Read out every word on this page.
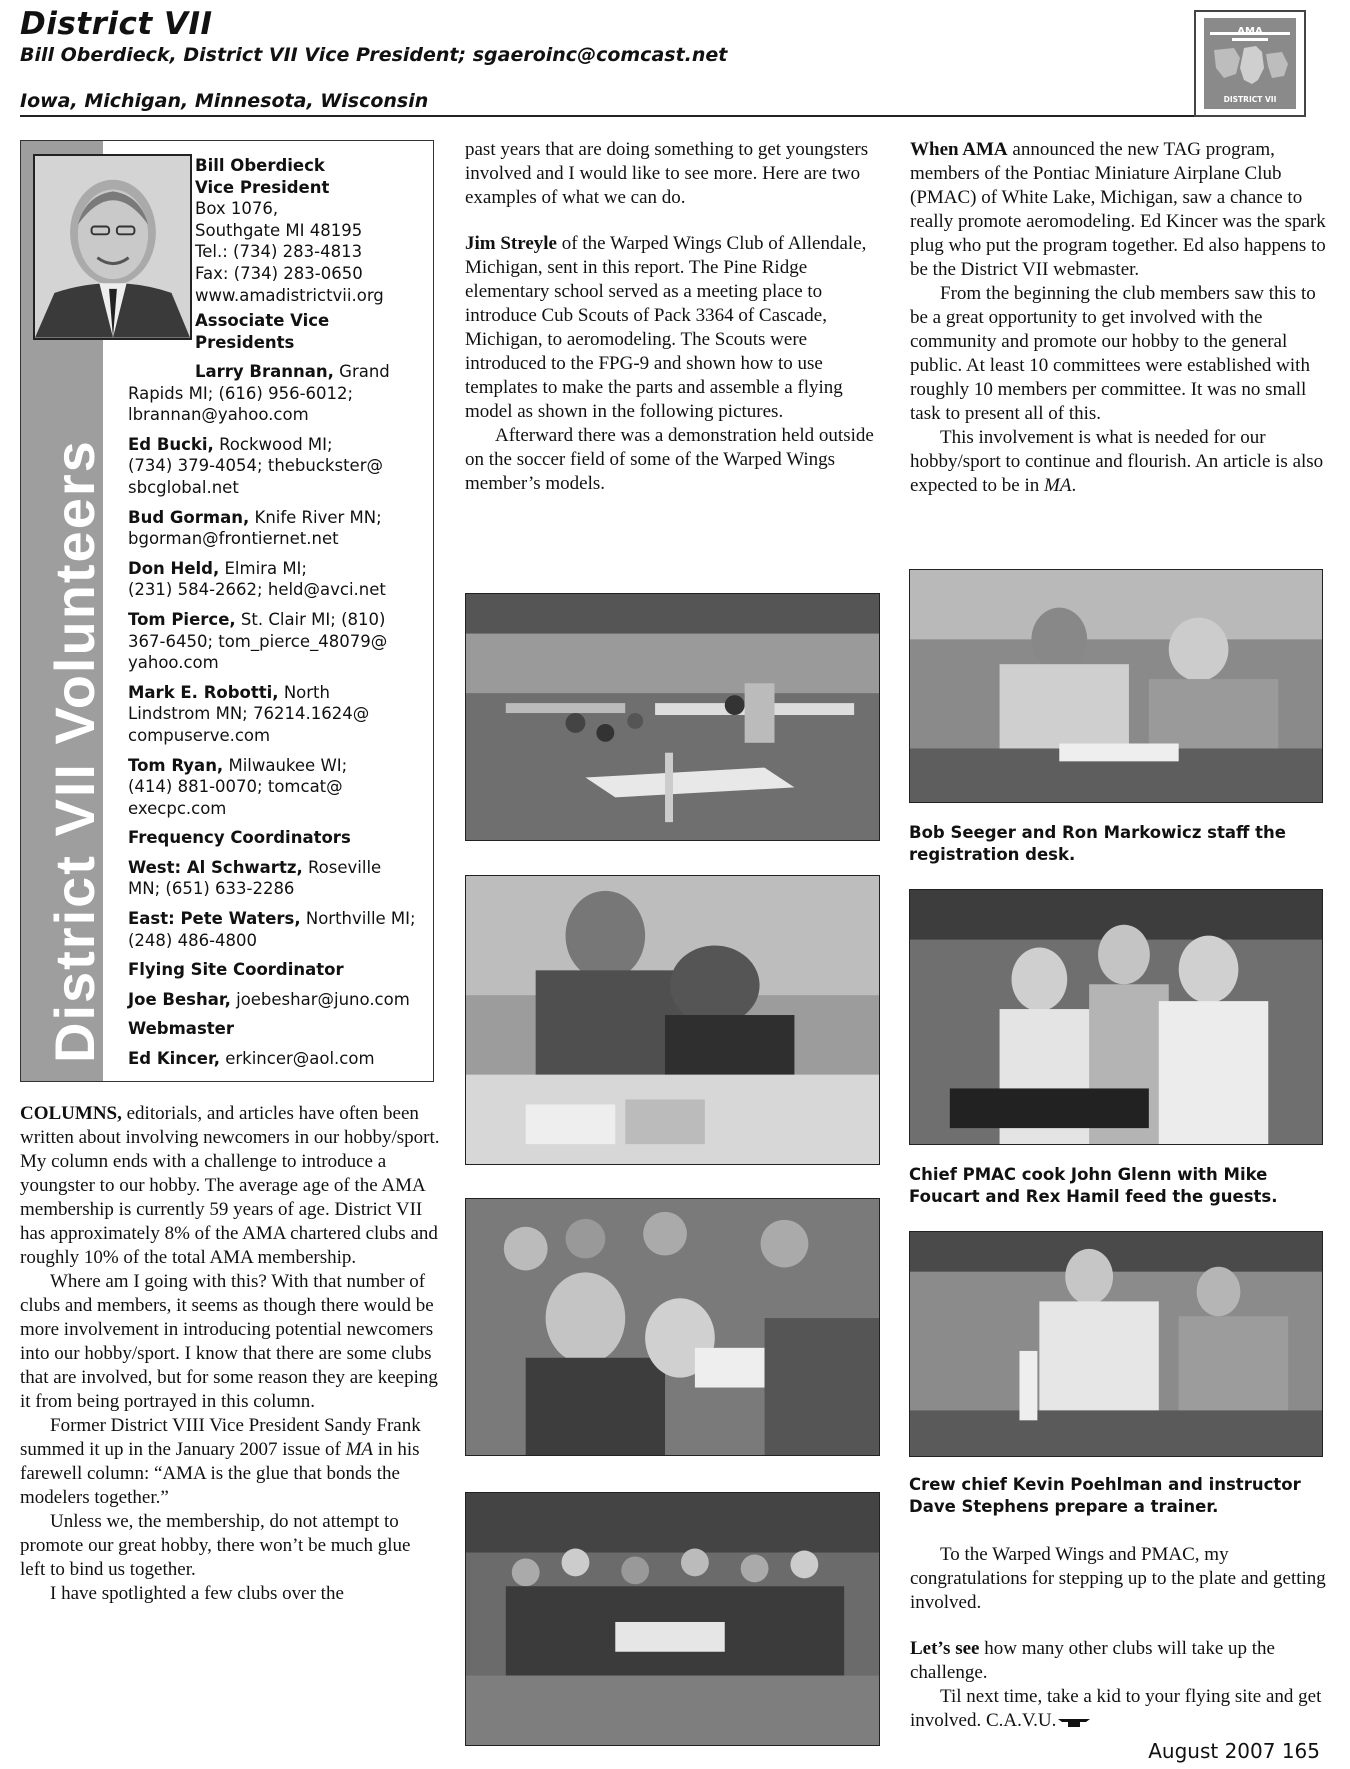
District VII
Bill Oberdieck, District VII Vice President; sgaeroinc@comcast.net
Iowa, Michigan, Minnesota, Wisconsin
AMA
DISTRICT VII
District VII Volunteers
Bill Oberdieck
Vice President
Box 1076,
Southgate MI 48195
Tel.: (734) 283-4813
Fax: (734) 283-0650
www.amadistrictvii.org
Associate Vice Presidents
Larry Brannan, Grand
Rapids MI; (616) 956-6012;
lbrannan@yahoo.com
Ed Bucki, Rockwood MI;
(734) 379-4054; thebuckster@
sbcglobal.net
Bud Gorman, Knife River MN;
bgorman@frontiernet.net
Don Held, Elmira MI;
(231) 584-2662; held@avci.net
Tom Pierce, St. Clair MI; (810)
367-6450; tom_pierce_48079@
yahoo.com
Mark E. Robotti, North
Lindstrom MN; 76214.1624@
compuserve.com
Tom Ryan, Milwaukee WI;
(414) 881-0070; tomcat@
execpc.com
Frequency Coordinators
West: Al Schwartz, Roseville
MN; (651) 633-2286
East: Pete Waters, Northville MI;
(248) 486-4800
Flying Site Coordinator
Joe Beshar, joebeshar@juno.com
Webmaster
Ed Kincer, erkincer@aol.com

COLUMNS, editorials, and articles have often been written about involving newcomers in our hobby/sport. My column ends with a challenge to introduce a youngster to our hobby. The average age of the AMA membership is currently 59 years of age. District VII has approximately 8% of the AMA chartered clubs and roughly 10% of the total AMA membership.

Where am I going with this? With that number of clubs and members, it seems as though there would be more involvement in introducing potential newcomers into our hobby/sport. I know that there are some clubs that are involved, but for some reason they are keeping it from being portrayed in this column.

Former District VIII Vice President Sandy Frank summed it up in the January 2007 issue of MA in his farewell column: “AMA is the glue that bonds the modelers together.”

Unless we, the membership, do not attempt to promote our great hobby, there won’t be much glue left to bind us together.

I have spotlighted a few clubs over the

past years that are doing something to get youngsters involved and I would like to see more. Here are two examples of what we can do.

Jim Streyle of the Warped Wings Club of Allendale, Michigan, sent in this report. The Pine Ridge elementary school served as a meeting place to introduce Cub Scouts of Pack 3364 of Cascade, Michigan, to aeromodeling. The Scouts were introduced to the FPG-9 and shown how to use templates to make the parts and assemble a flying model as shown in the following pictures.

Afterward there was a demonstration held outside on the soccer field of some of the Warped Wings member’s models.

When AMA announced the new TAG program, members of the Pontiac Miniature Airplane Club (PMAC) of White Lake, Michigan, saw a chance to really promote aeromodeling. Ed Kincer was the spark plug who put the program together. Ed also happens to be the District VII webmaster.

From the beginning the club members saw this to be a great opportunity to get involved with the community and promote our hobby to the general public. At least 10 committees were established with roughly 10 members per committee. It was no small task to present all of this.

This involvement is what is needed for our hobby/sport to continue and flourish. An article is also expected to be in MA.

Bob Seeger and Ron Markowicz staff the registration desk.
Chief PMAC cook John Glenn with Mike Foucart and Rex Hamil feed the guests.
Crew chief Kevin Poehlman and instructor Dave Stephens prepare a trainer.

To the Warped Wings and PMAC, my congratulations for stepping up to the plate and getting involved.

Let’s see how many other clubs will take up the challenge.

Til next time, take a kid to your flying site and get involved. C.A.V.U.

August 2007 165
